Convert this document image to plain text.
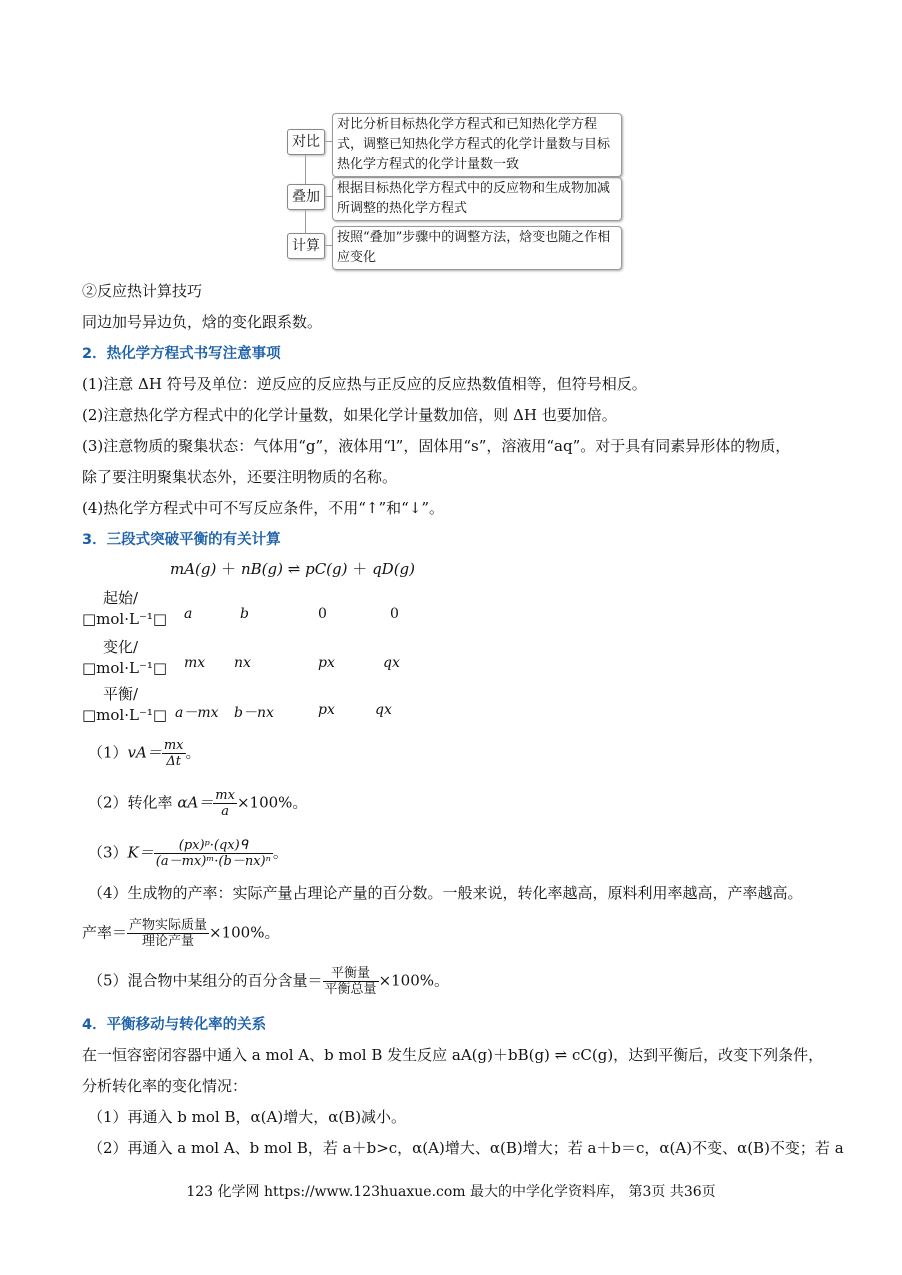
对比
对比分析目标热化学方程式和已知热化学方程式，调整已知热化学方程式的化学计量数与目标热化学方程式的化学计量数一致
叠加
根据目标热化学方程式中的反应物和生成物加减所调整的热化学方程式
计算
按照“叠加”步骤中的调整方法，焓变也随之作相应变化
②反应热计算技巧
同边加号异边负，焓的变化跟系数。
2．热化学方程式书写注意事项
(1)注意 ΔH 符号及单位：逆反应的反应热与正反应的反应热数值相等，但符号相反。
(2)注意热化学方程式中的化学计量数，如果化学计量数加倍，则 ΔH 也要加倍。
(3)注意物质的聚集状态：气体用“g”，液体用“l”，固体用“s”，溶液用“aq”。对于具有同素异形体的物质，
除了要注明聚集状态外，还要注明物质的名称。
(4)热化学方程式中可不写反应条件，不用“↑”和“↓”。
3．三段式突破平衡的有关计算
mA(g) ＋ nB(g) ⇌ pC(g) ＋ qD(g)
起始/
□mol·L⁻¹□ a	b	0	0
变化/
□mol·L⁻¹□ mx nx	px	qx
平衡/
□mol·L⁻¹□ a－mx b－nx	px	qx
$(1)vA= \frac{mx}{\Delta t}$ 。
（2）转化率 $\alpha A= \frac{mx}{a} \times 100\%$。
$(3)K= \frac{\text{(px)ᵖ·(qx)ᑫ}}{\text{(a－mx)ᵐ·(b－nx)ⁿ}}$ 。
（4）生成物的产率：实际产量占理论产量的百分数。一般来说，转化率越高，原料利用率越高，产率越高。
产率＝ $\frac{\text{产物实际质量}}{\text{理论产量}} \times 100\%$。
（5）混合物中某组分的百分含量＝ $\frac{\text{平衡量}}{\text{平衡总量}} \times 100\%$。
4．平衡移动与转化率的关系
在一恒容密闭容器中通入 a mol A、b mol B 发生反应 aA(g)＋bB(g) ⇌ cC(g)，达到平衡后，改变下列条件，
分析转化率的变化情况：
（1）再通入 b mol B，α(A)增大，α(B)减小。
（2）再通入 a mol A、b mol B，若 a＋b>c，α(A)增大、α(B)增大；若 a＋b＝c，α(A)不变、α(B)不变；若 a
123 化学网 https://www.123huaxue.com 最大的中学化学资料库， 第3页 共36页
